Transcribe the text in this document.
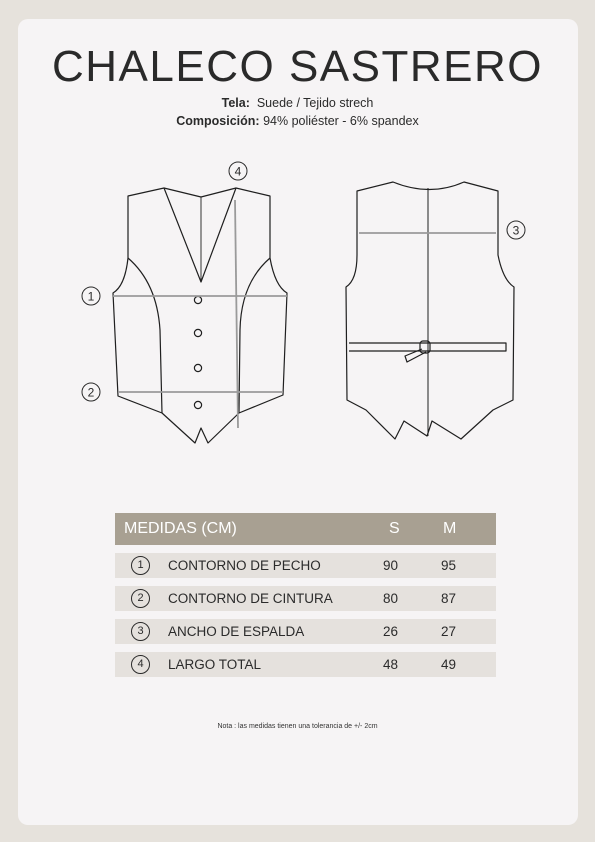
CHALECO SASTRERO
Tela: Suede / Tejido strech
Composición: 94% poliéster - 6% spandex
4
1
2
3
MEDIDAS (CM)	S	M
1	CONTORNO DE PECHO	90	95
2	CONTORNO DE CINTURA	80	87
3	ANCHO DE ESPALDA	26	27
4	LARGO TOTAL	48	49
Nota : las medidas tienen una tolerancia de +/- 2cm
